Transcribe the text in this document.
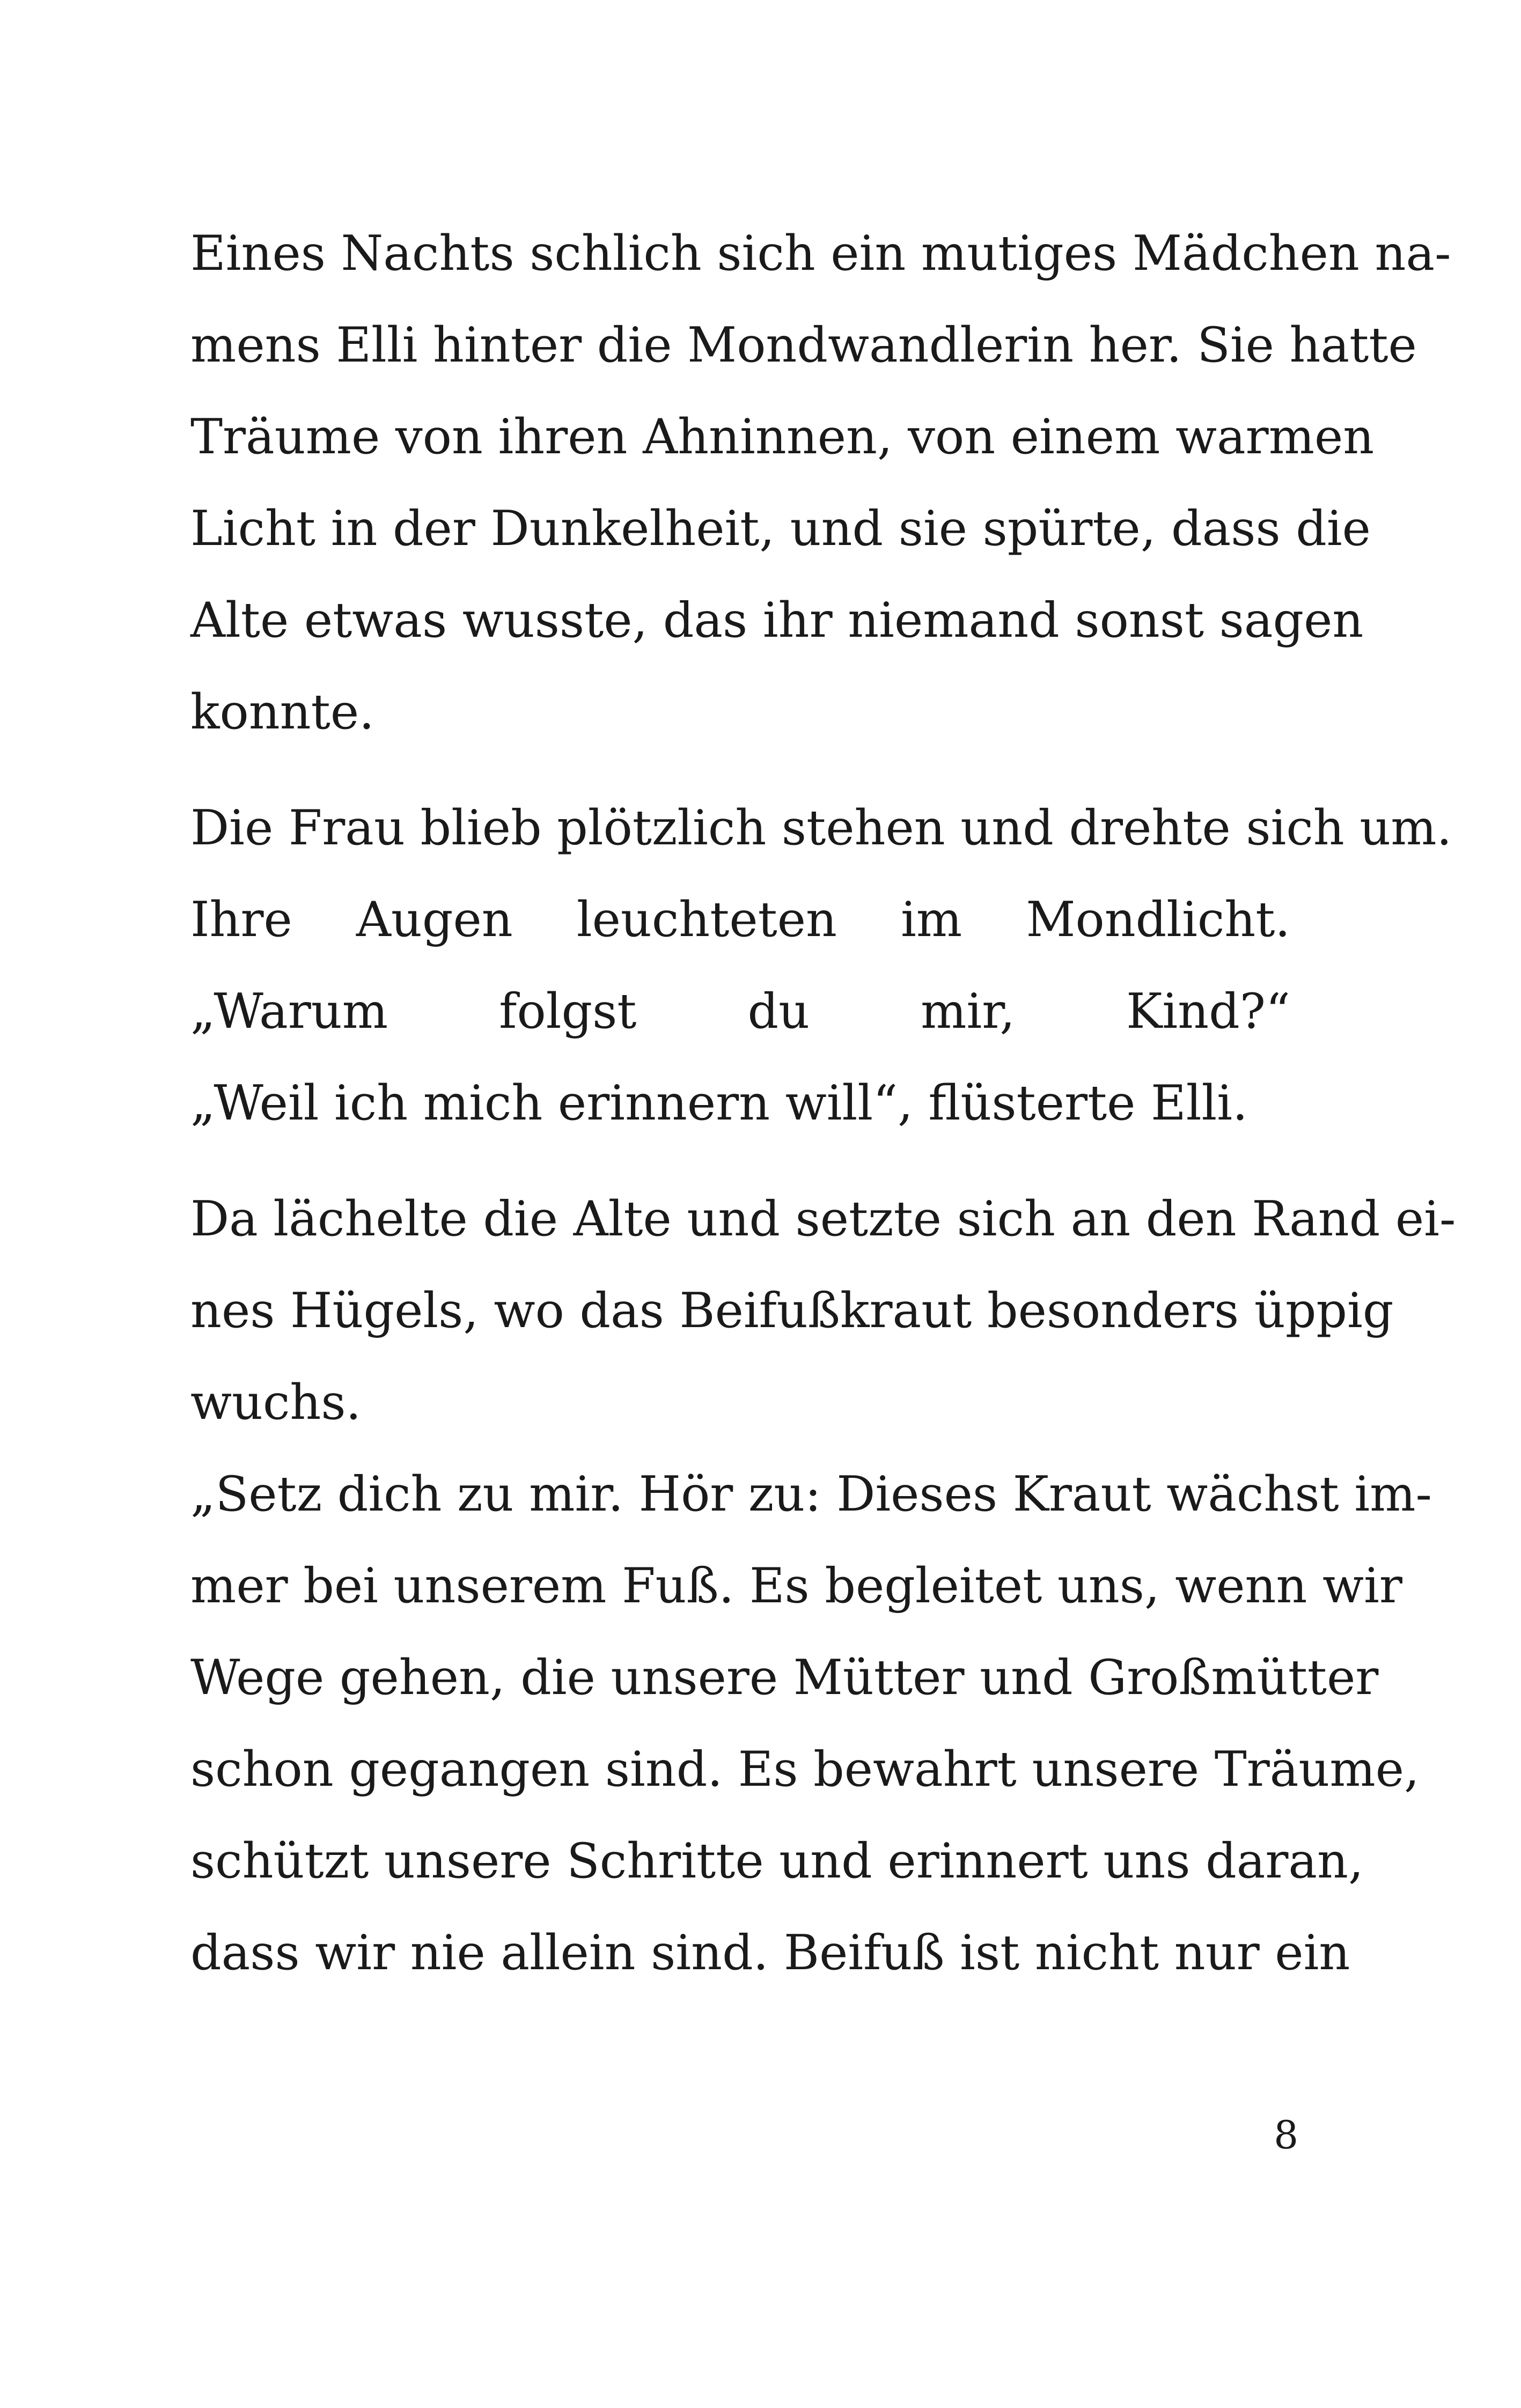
Eines Nachts schlich sich ein mutiges Mädchen na-
mens Elli hinter die Mondwandlerin her. Sie hatte
Träume von ihren Ahninnen, von einem warmen
Licht in der Dunkelheit, und sie spürte, dass die
Alte etwas wusste, das ihr niemand sonst sagen
konnte.

Die Frau blieb plötzlich stehen und drehte sich um.
Ihre Augen leuchteten im Mondlicht.
„Warum folgst du mir, Kind?“
„Weil ich mich erinnern will“, flüsterte Elli.

Da lächelte die Alte und setzte sich an den Rand ei-
nes Hügels, wo das Beifußkraut besonders üppig
wuchs.
„Setz dich zu mir. Hör zu: Dieses Kraut wächst im-
mer bei unserem Fuß. Es begleitet uns, wenn wir
Wege gehen, die unsere Mütter und Großmütter
schon gegangen sind. Es bewahrt unsere Träume,
schützt unsere Schritte und erinnert uns daran,
dass wir nie allein sind. Beifuß ist nicht nur ein

8
